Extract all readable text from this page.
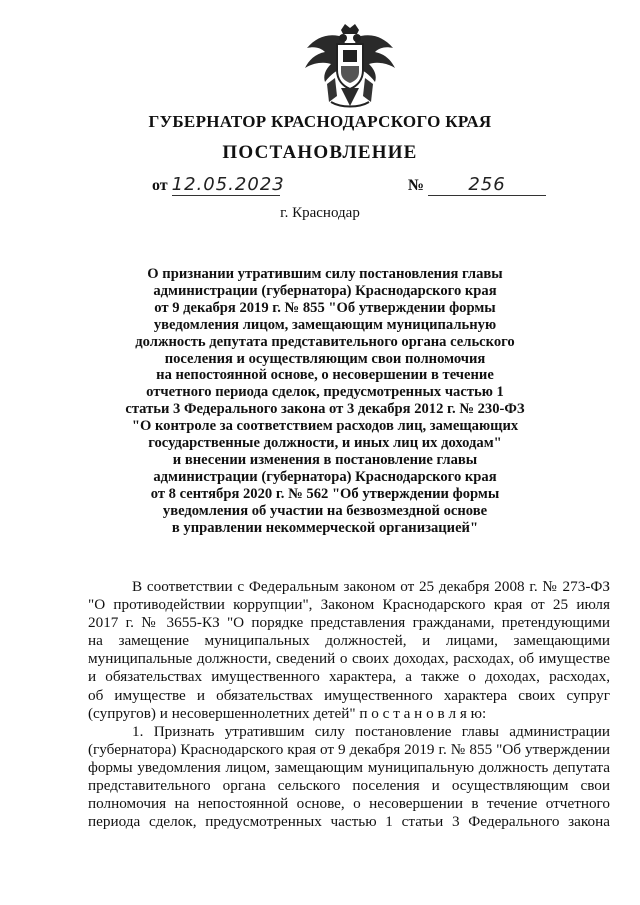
ГУБЕРНАТОР КРАСНОДАРСКОГО КРАЯ
ПОСТАНОВЛЕНИЕ
от 12.05.2023	№ 256
г. Краснодар
О признании утратившим силу постановления главы
администрации (губернатора) Краснодарского края
от 9 декабря 2019 г. № 855 "Об утверждении формы
уведомления лицом, замещающим муниципальную
должность депутата представительного органа сельского
поселения и осуществляющим свои полномочия
на непостоянной основе, о несовершении в течение
отчетного периода сделок, предусмотренных частью 1
статьи 3 Федерального закона от 3 декабря 2012 г. № 230-ФЗ
"О контроле за соответствием расходов лиц, замещающих
государственные должности, и иных лиц их доходам"
и внесении изменения в постановление главы
администрации (губернатора) Краснодарского края
от 8 сентября 2020 г. № 562 "Об утверждении формы
уведомления об участии на безвозмездной основе
в управлении некоммерческой организацией"
В соответствии с Федеральным законом от 25 декабря 2008 г. № 273-ФЗ
"О противодействии коррупции", Законом Краснодарского края от 25 июля
2017 г. № 3655-КЗ "О порядке представления гражданами, претендующими
на замещение муниципальных должностей, и лицами, замещающими
муниципальные должности, сведений о своих доходах, расходах, об имуществе
и обязательствах имущественного характера, а также о доходах, расходах,
об имуществе и обязательствах имущественного характера своих супруг
(супругов) и несовершеннолетних детей" п о с т а н о в л я ю:
1. Признать утратившим силу постановление главы администрации
(губернатора) Краснодарского края от 9 декабря 2019 г. № 855 "Об утверждении
формы уведомления лицом, замещающим муниципальную должность депутата
представительного органа сельского поселения и осуществляющим свои
полномочия на непостоянной основе, о несовершении в течение отчетного
периода сделок, предусмотренных частью 1 статьи 3 Федерального закона
